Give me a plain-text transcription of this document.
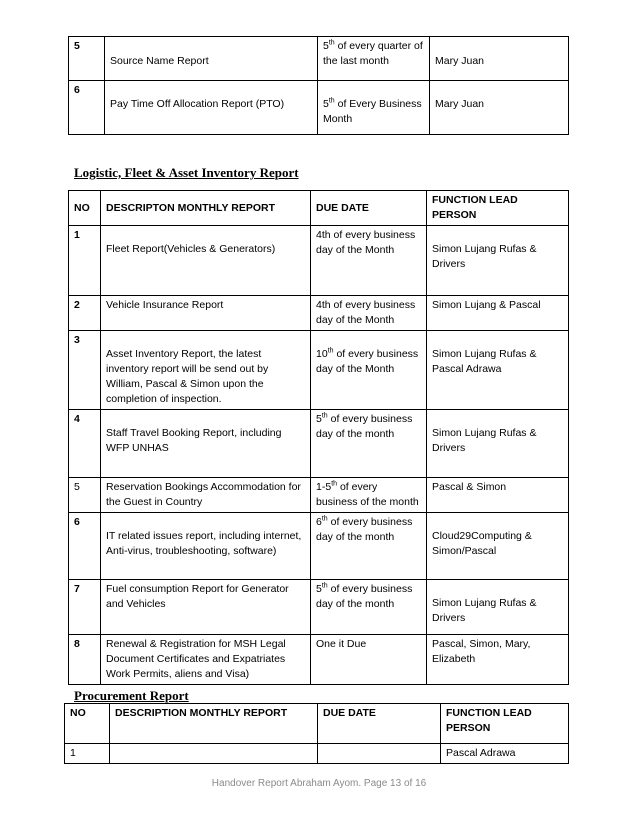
5	Source Name Report	5th of every quarter of the last month	Mary Juan
6	Pay Time Off Allocation Report (PTO)	5th of Every Business Month	Mary Juan
Logistic, Fleet & Asset Inventory Report
NO	DESCRIPTON MONTHLY REPORT	DUE DATE	FUNCTION LEAD PERSON
1	Fleet Report(Vehicles & Generators)	4th of every business day of the Month	Simon Lujang Rufas & Drivers
2	Vehicle Insurance Report	4th of every business day of the Month	Simon Lujang & Pascal
3	Asset Inventory Report, the latest inventory report will be send out by William, Pascal & Simon upon the completion of inspection.	10th of every business day of the Month	Simon Lujang Rufas & Pascal Adrawa
4	Staff Travel Booking Report, including WFP UNHAS	5th of every business day of the month	Simon Lujang Rufas & Drivers
5	Reservation Bookings Accommodation for the Guest in Country	1-5th of every business of the month	Pascal & Simon
6	IT related issues report, including internet, Anti-virus, troubleshooting, software)	6th of every business day of the month	Cloud29Computing & Simon/Pascal
7	Fuel consumption Report for Generator and Vehicles	5th of every business day of the month	Simon Lujang Rufas & Drivers
8	Renewal & Registration for MSH Legal Document Certificates and Expatriates Work Permits, aliens and Visa)	One it Due	Pascal, Simon, Mary, Elizabeth
Procurement Report
NO	DESCRIPTION MONTHLY REPORT	DUE DATE	FUNCTION LEAD PERSON
1			Pascal Adrawa
Handover Report Abraham Ayom. Page 13 of 16
